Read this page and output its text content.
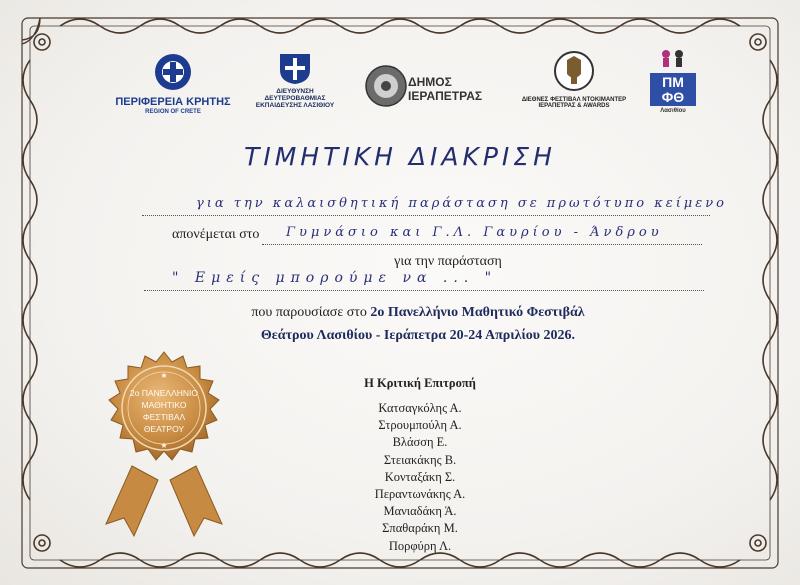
ΠΕΡΙΦΕΡΕΙΑ ΚΡΗΤΗΣ
REGION OF CRETE
ΔΙΕΥΘΥΝΣΗ
ΔΕΥΤΕΡΟΒΑΘΜΙΑΣ
ΕΚΠΑΙΔΕΥΣΗΣ ΛΑΣΙΘΙΟΥ
ΔΗΜΟΣ
ΙΕΡΑΠΕΤΡΑΣ	ΔΙΕΘΝΕΣ ΦΕΣΤΙΒΑΛ ΝΤΟΚΙΜΑΝΤΕΡ
ΙΕΡΑΠΕΤΡΑΣ & AWARDS
ΠΜ
ΦΘ
Λασιθίου
ΤΙΜΗΤΙΚΗ ΔΙΑΚΡΙΣΗ
για την καλαισθητική παράσταση σε πρωτότυπο κείμενο
απονέμεται στο Γυμνάσιο και Γ.Λ. Γαυρίου - Άνδρου
για την παράσταση
" Εμείς μπορούμε να ... "
που παρουσίασε στο 2ο Πανελλήνιο Μαθητικό Φεστιβάλ
Θεάτρου Λασιθίου - Ιεράπετρα 20-24 Απριλίου 2026.
Η Κριτική Επιτροπή
Κατσαγκόλης Α.
Στρουμπούλη Α.
Βλάσση Ε.
Στειακάκης Β.
Κονταξάκη Σ.
Περαντωνάκης Α.
Μανιαδάκη Ά.
Σπαθαράκη Μ.
Πορφύρη Λ.
★
★
2ο ΠΑΝΕΛΛΗΝΙΟ
ΜΑΘΗΤΙΚΟ
ΦΕΣΤΙΒΑΛ
ΘΕΑΤΡΟΥ
